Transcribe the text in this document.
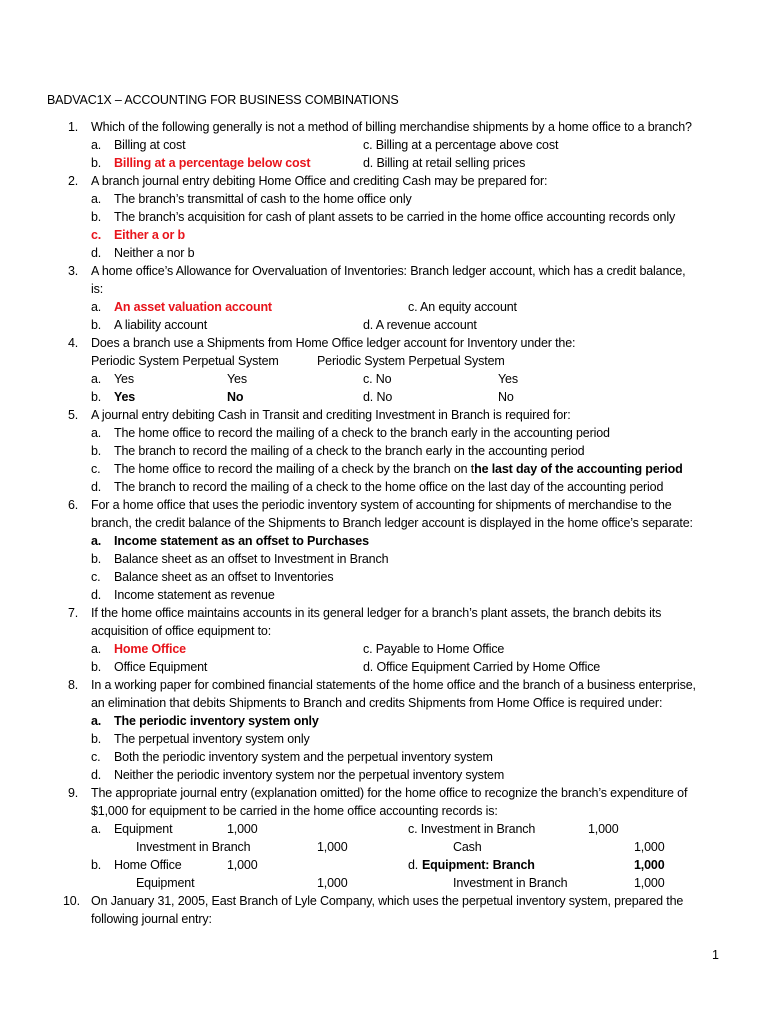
BADVAC1X – ACCOUNTING FOR BUSINESS COMBINATIONS
1. Which of the following generally is not a method of billing merchandise shipments by a home office to a branch?
a. Billing at cost	c. Billing at a percentage above cost
b. Billing at a percentage below cost	d. Billing at retail selling prices
2. A branch journal entry debiting Home Office and crediting Cash may be prepared for:
a. The branch’s transmittal of cash to the home office only
b. The branch’s acquisition for cash of plant assets to be carried in the home office accounting records only
c. Either a or b
d. Neither a nor b
3. A home office’s Allowance for Overvaluation of Inventories: Branch ledger account, which has a credit balance,
is:
a. An asset valuation account	c. An equity account
b. A liability account	d. A revenue account
4. Does a branch use a Shipments from Home Office ledger account for Inventory under the:
Periodic System Perpetual System	Periodic System Perpetual System
a. Yes	Yes	c. No	Yes
b. Yes	No	d. No	No
5. A journal entry debiting Cash in Transit and crediting Investment in Branch is required for:
a. The home office to record the mailing of a check to the branch early in the accounting period
b. The branch to record the mailing of a check to the branch early in the accounting period
c. The home office to record the mailing of a check by the branch on the last day of the accounting period
d. The branch to record the mailing of a check to the home office on the last day of the accounting period
6. For a home office that uses the periodic inventory system of accounting for shipments of merchandise to the
branch, the credit balance of the Shipments to Branch ledger account is displayed in the home office’s separate:
a. Income statement as an offset to Purchases
b. Balance sheet as an offset to Investment in Branch
c. Balance sheet as an offset to Inventories
d. Income statement as revenue
7. If the home office maintains accounts in its general ledger for a branch’s plant assets, the branch debits its
acquisition of office equipment to:
a. Home Office	c. Payable to Home Office
b. Office Equipment	d. Office Equipment Carried by Home Office
8. In a working paper for combined financial statements of the home office and the branch of a business enterprise,
an elimination that debits Shipments to Branch and credits Shipments from Home Office is required under:
a. The periodic inventory system only
b. The perpetual inventory system only
c. Both the periodic inventory system and the perpetual inventory system
d. Neither the periodic inventory system nor the perpetual inventory system
9. The appropriate journal entry (explanation omitted) for the home office to recognize the branch’s expenditure of
$1,000 for equipment to be carried in the home office accounting records is:
a. Equipment	1,000	c. Investment in Branch	1,000
Investment in Branch	1,000	Cash	1,000
b. Home Office	1,000	d. Equipment: Branch	1,000
Equipment	1,000	Investment in Branch	1,000
10. On January 31, 2005, East Branch of Lyle Company, which uses the perpetual inventory system, prepared the
following journal entry:
1
